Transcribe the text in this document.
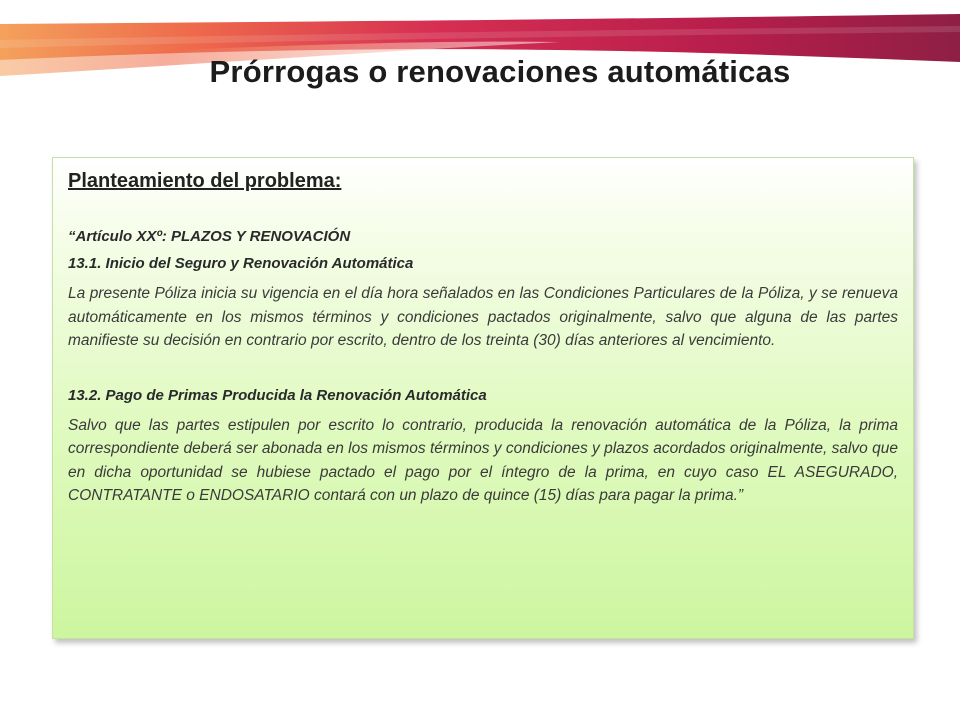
Prórrogas o renovaciones automáticas
Planteamiento del problema:
“Artículo XXº: PLAZOS Y RENOVACIÓN
13.1. Inicio del Seguro y Renovación Automática

La presente Póliza inicia su vigencia en el día hora señalados en las Condiciones Particulares de la Póliza, y se renueva automáticamente en los mismos términos y condiciones pactados originalmente, salvo que alguna de las partes manifieste su decisión en contrario por escrito, dentro de los treinta (30) días anteriores al vencimiento.

13.2. Pago de Primas Producida la Renovación Automática

Salvo que las partes estipulen por escrito lo contrario, producida la renovación automática de la Póliza, la prima correspondiente deberá ser abonada en los mismos términos y condiciones y plazos acordados originalmente, salvo que en dicha oportunidad se hubiese pactado el pago por el íntegro de la prima, en cuyo caso EL ASEGURADO, CONTRATANTE o ENDOSATARIO contará con un plazo de quince (15) días para pagar la prima.”
